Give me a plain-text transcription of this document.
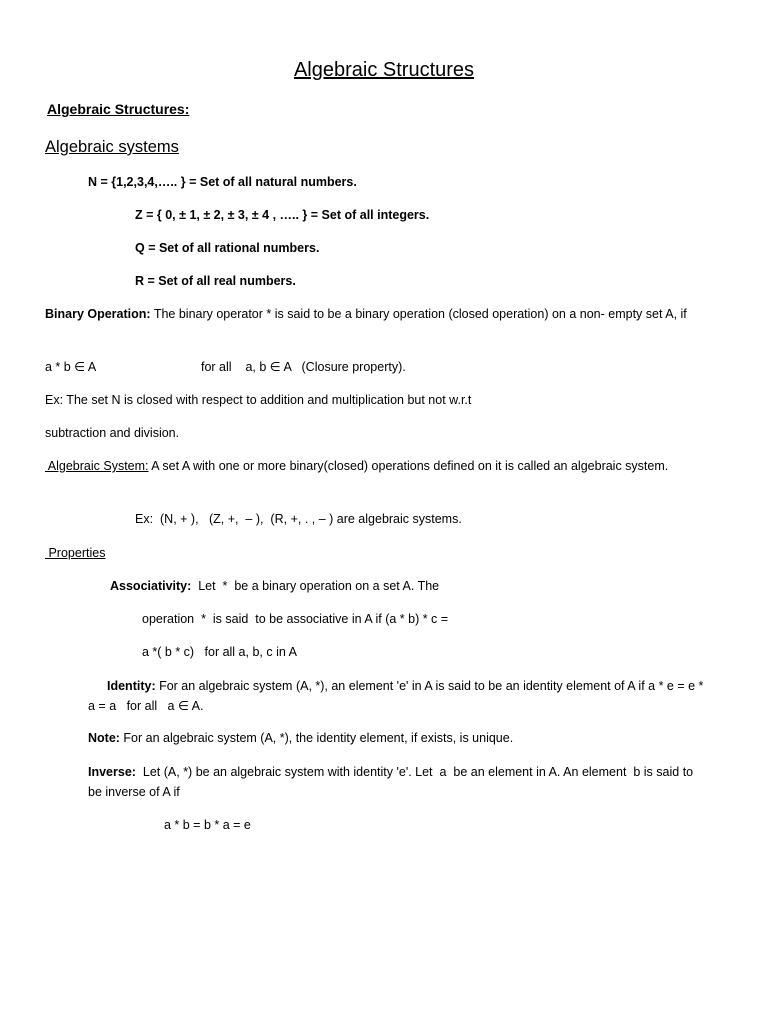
Algebraic Structures
Algebraic Structures:
Algebraic systems
N = {1,2,3,4,….. } = Set of all natural numbers.
Z = { 0, ± 1, ± 2, ± 3, ± 4 , ….. } = Set of all integers.
Q = Set of all rational numbers.
R = Set of all real numbers.
Binary Operation: The binary operator * is said to be a binary operation (closed operation) on a non- empty set A, if
a * b ∈ A	for all    a, b ∈ A   (Closure property).
Ex: The set N is closed with respect to addition and multiplication but not w.r.t
subtraction and division.
Algebraic System: A set A with one or more binary(closed) operations defined on it is called an algebraic system.
Ex:  (N, + ),   (Z, +,  – ),  (R, +, . , – ) are algebraic systems.
Properties
Associativity:  Let  *  be a binary operation on a set A. The
operation  *  is said  to be associative in A if (a * b) * c =
a *( b * c)   for all a, b, c in A
Identity: For an algebraic system (A, *), an element 'e' in A is said to be an identity element of A if a * e = e * a = a   for all   a ∈ A.
Note: For an algebraic system (A, *), the identity element, if exists, is unique.
Inverse:  Let (A, *) be an algebraic system with identity 'e'. Let  a  be an element in A. An element  b is said to be inverse of A if
a * b = b * a = e
